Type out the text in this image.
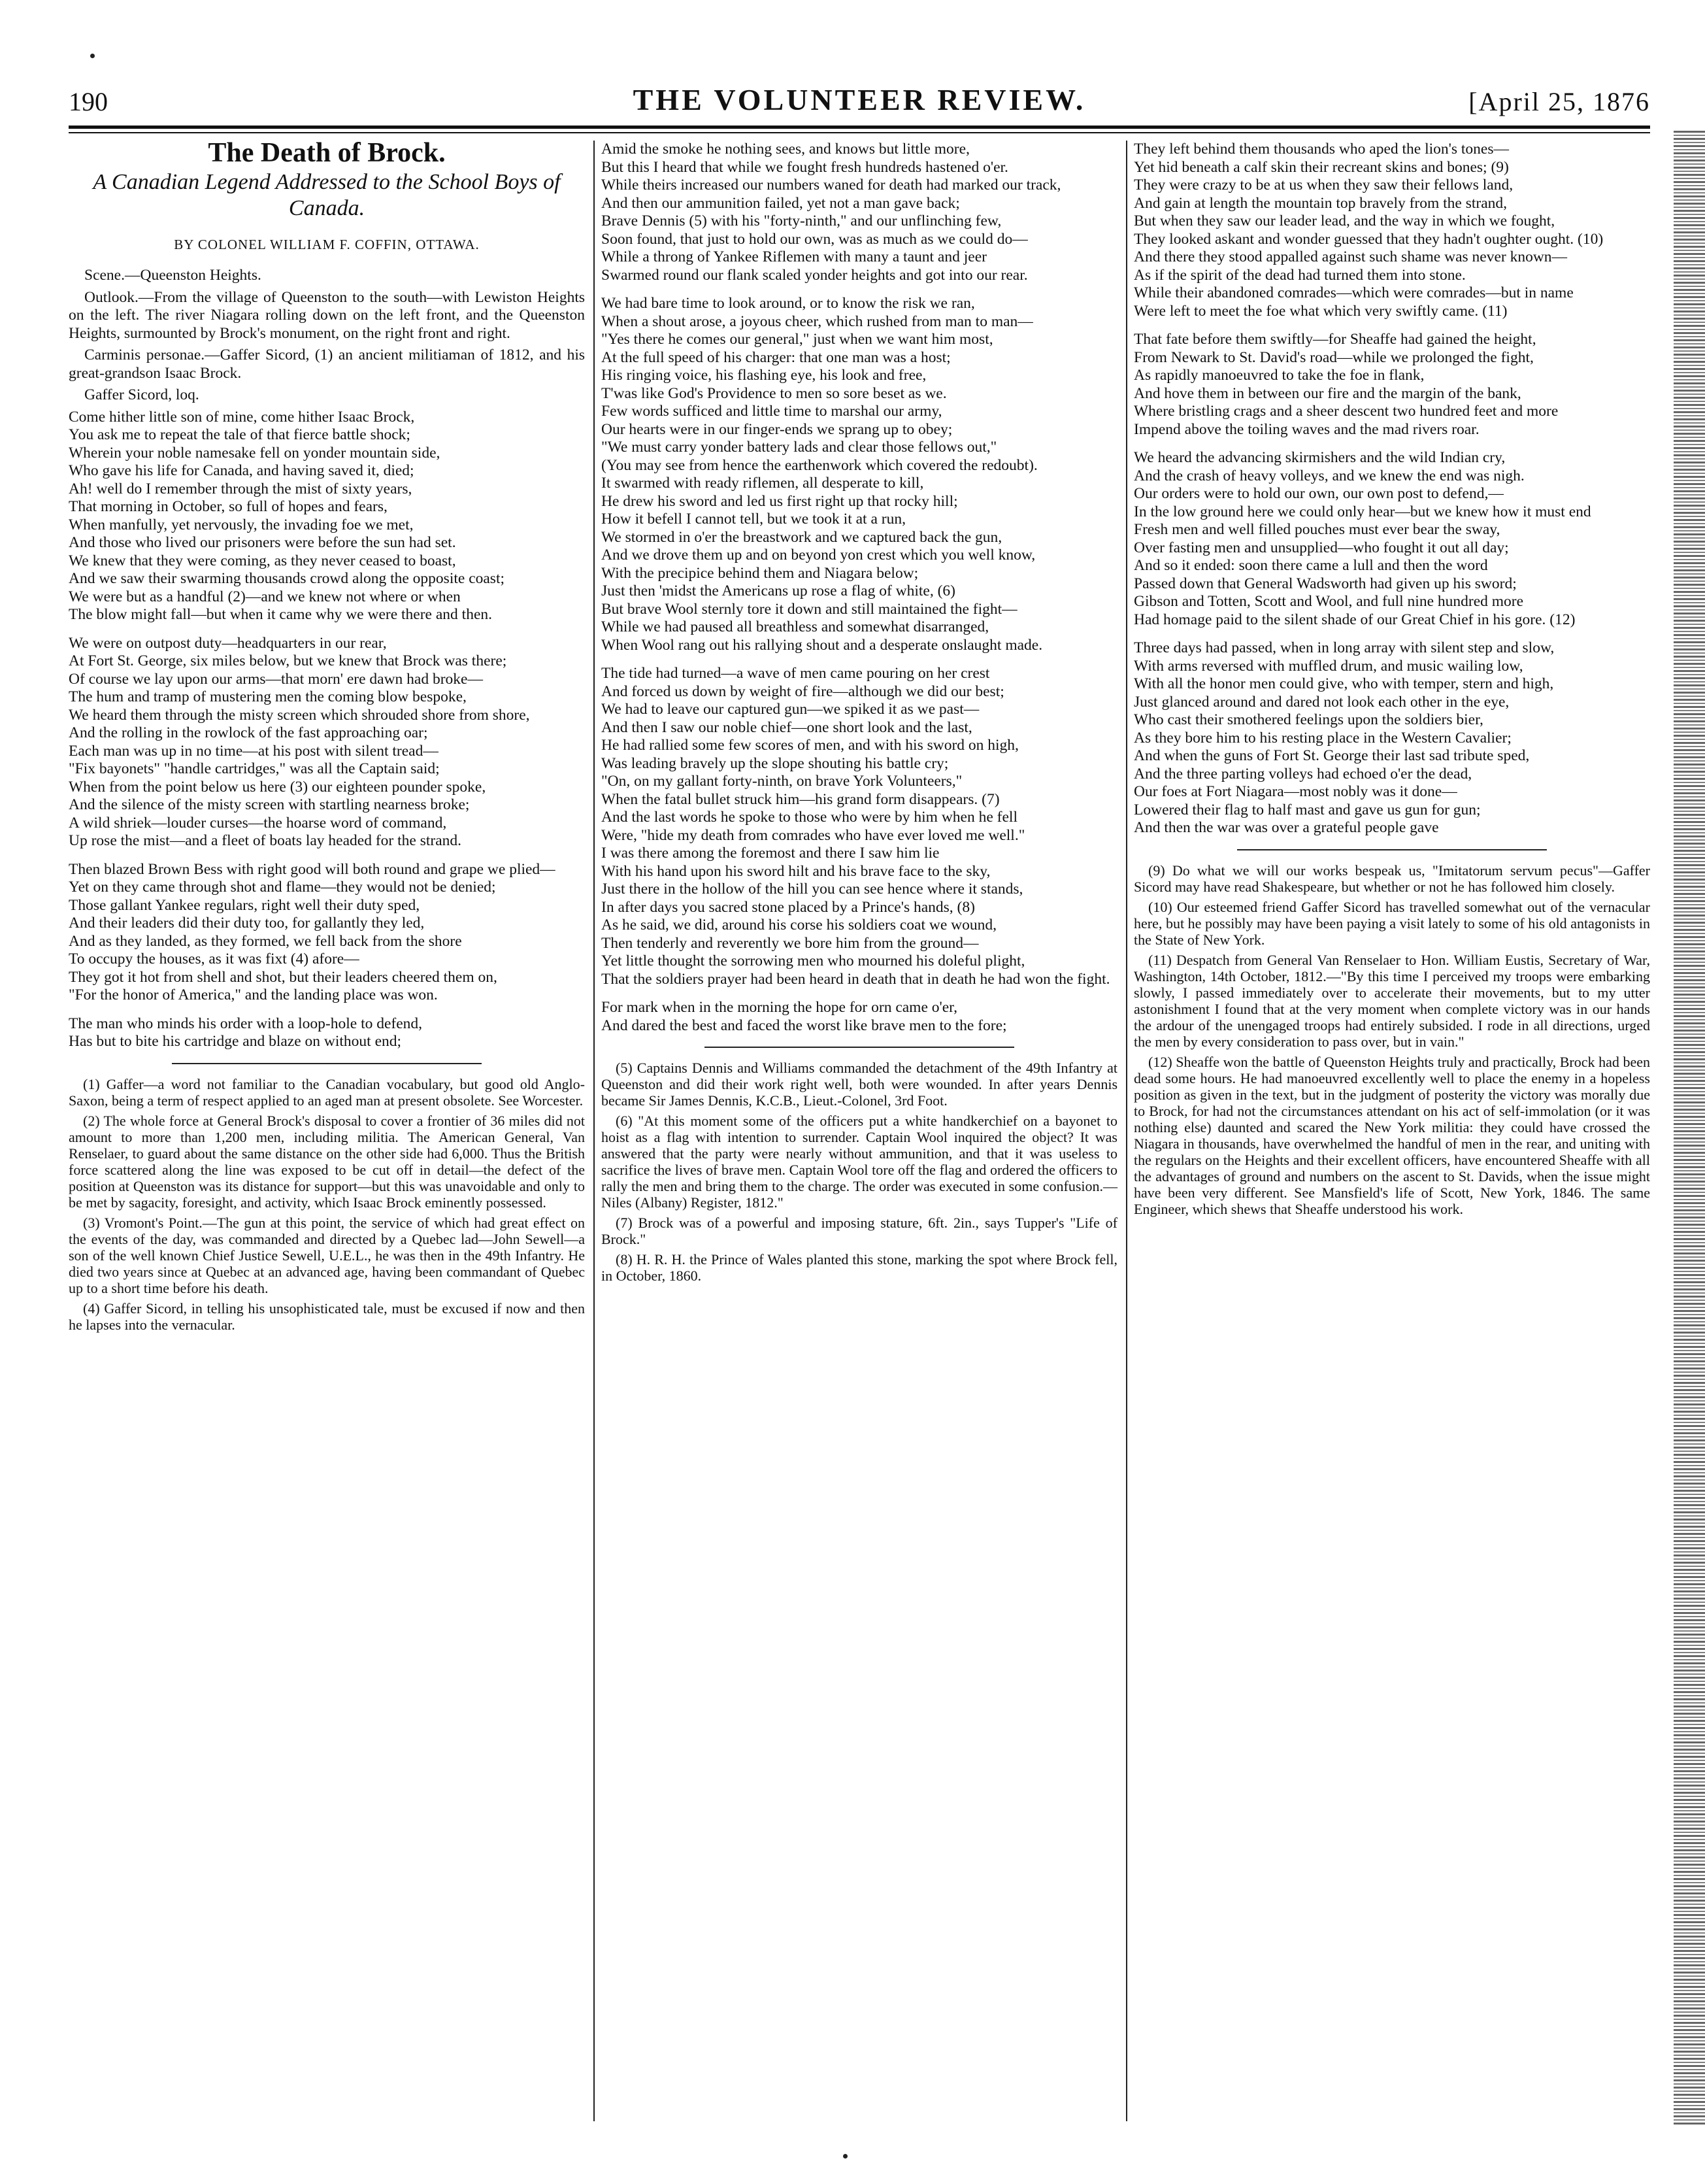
190	THE VOLUNTEER REVIEW.	[April 25, 1876
The Death of Brock.
A Canadian Legend Addressed to the School Boys of Canada.
BY COLONEL WILLIAM F. COFFIN, OTTAWA.

Scene.—Queenston Heights.

Outlook.—From the village of Queenston to the south—with Lewiston Heights on the left. The river Niagara rolling down on the left front, and the Queenston Heights, surmounted by Brock's monument, on the right front and right.

Carminis personae.—Gaffer Sicord, (1) an ancient militiaman of 1812, and his great-grandson Isaac Brock.

Gaffer Sicord, loq.

Come hither little son of mine, come hither Isaac Brock,

You ask me to repeat the tale of that fierce battle shock;

Wherein your noble namesake fell on yonder mountain side,

Who gave his life for Canada, and having saved it, died;

Ah! well do I remember through the mist of sixty years,

That morning in October, so full of hopes and fears,

When manfully, yet nervously, the invading foe we met,

And those who lived our prisoners were before the sun had set.

We knew that they were coming, as they never ceased to boast,

And we saw their swarming thousands crowd along the opposite coast;

We were but as a handful (2)—and we knew not where or when

The blow might fall—but when it came why we were there and then.

We were on outpost duty—headquarters in our rear,

At Fort St. George, six miles below, but we knew that Brock was there;

Of course we lay upon our arms—that morn' ere dawn had broke—

The hum and tramp of mustering men the coming blow bespoke,

We heard them through the misty screen which shrouded shore from shore,

And the rolling in the rowlock of the fast approaching oar;

Each man was up in no time—at his post with silent tread—

"Fix bayonets" "handle cartridges," was all the Captain said;

When from the point below us here (3) our eighteen pounder spoke,

And the silence of the misty screen with startling nearness broke;

A wild shriek—louder curses—the hoarse word of command,

Up rose the mist—and a fleet of boats lay headed for the strand.

Then blazed Brown Bess with right good will both round and grape we plied—

Yet on they came through shot and flame—they would not be denied;

Those gallant Yankee regulars, right well their duty sped,

And their leaders did their duty too, for gallantly they led,

And as they landed, as they formed, we fell back from the shore

To occupy the houses, as it was fixt (4) afore—

They got it hot from shell and shot, but their leaders cheered them on,

"For the honor of America," and the landing place was won.

The man who minds his order with a loop-hole to defend,

Has but to bite his cartridge and blaze on without end;

(1) Gaffer—a word not familiar to the Canadian vocabulary, but good old Anglo-Saxon, being a term of respect applied to an aged man at present obsolete. See Worcester.

(2) The whole force at General Brock's disposal to cover a frontier of 36 miles did not amount to more than 1,200 men, including militia. The American General, Van Renselaer, to guard about the same distance on the other side had 6,000. Thus the British force scattered along the line was exposed to be cut off in detail—the defect of the position at Queenston was its distance for support—but this was unavoidable and only to be met by sagacity, foresight, and activity, which Isaac Brock eminently possessed.

(3) Vromont's Point.—The gun at this point, the service of which had great effect on the events of the day, was commanded and directed by a Quebec lad—John Sewell—a son of the well known Chief Justice Sewell, U.E.L., he was then in the 49th Infantry. He died two years since at Quebec at an advanced age, having been commandant of Quebec up to a short time before his death.

(4) Gaffer Sicord, in telling his unsophisticated tale, must be excused if now and then he lapses into the vernacular.

Amid the smoke he nothing sees, and knows but little more,

But this I heard that while we fought fresh hundreds hastened o'er.

While theirs increased our numbers waned for death had marked our track,

And then our ammunition failed, yet not a man gave back;

Brave Dennis (5) with his "forty-ninth," and our unflinching few,

Soon found, that just to hold our own, was as much as we could do—

While a throng of Yankee Riflemen with many a taunt and jeer

Swarmed round our flank scaled yonder heights and got into our rear.

We had bare time to look around, or to know the risk we ran,

When a shout arose, a joyous cheer, which rushed from man to man—

"Yes there he comes our general," just when we want him most,

At the full speed of his charger: that one man was a host;

His ringing voice, his flashing eye, his look and free,

T'was like God's Providence to men so sore beset as we.

Few words sufficed and little time to marshal our army,

Our hearts were in our finger-ends we sprang up to obey;

"We must carry yonder battery lads and clear those fellows out,"

(You may see from hence the earthenwork which covered the redoubt).

It swarmed with ready riflemen, all desperate to kill,

He drew his sword and led us first right up that rocky hill;

How it befell I cannot tell, but we took it at a run,

We stormed in o'er the breastwork and we captured back the gun,

And we drove them up and on beyond yon crest which you well know,

With the precipice behind them and Niagara below;

Just then 'midst the Americans up rose a flag of white, (6)

But brave Wool sternly tore it down and still maintained the fight—

While we had paused all breathless and somewhat disarranged,

When Wool rang out his rallying shout and a desperate onslaught made.

The tide had turned—a wave of men came pouring on her crest

And forced us down by weight of fire—although we did our best;

We had to leave our captured gun—we spiked it as we past—

And then I saw our noble chief—one short look and the last,

He had rallied some few scores of men, and with his sword on high,

Was leading bravely up the slope shouting his battle cry;

"On, on my gallant forty-ninth, on brave York Volunteers,"

When the fatal bullet struck him—his grand form disappears. (7)

And the last words he spoke to those who were by him when he fell

Were, "hide my death from comrades who have ever loved me well."

I was there among the foremost and there I saw him lie

With his hand upon his sword hilt and his brave face to the sky,

Just there in the hollow of the hill you can see hence where it stands,

In after days you sacred stone placed by a Prince's hands, (8)

As he said, we did, around his corse his soldiers coat we wound,

Then tenderly and reverently we bore him from the ground—

Yet little thought the sorrowing men who mourned his doleful plight,

That the soldiers prayer had been heard in death that in death he had won the fight.

For mark when in the morning the hope for orn came o'er,

And dared the best and faced the worst like brave men to the fore;

(5) Captains Dennis and Williams commanded the detachment of the 49th Infantry at Queenston and did their work right well, both were wounded. In after years Dennis became Sir James Dennis, K.C.B., Lieut.-Colonel, 3rd Foot.

(6) "At this moment some of the officers put a white handkerchief on a bayonet to hoist as a flag with intention to surrender. Captain Wool inquired the object? It was answered that the party were nearly without ammunition, and that it was useless to sacrifice the lives of brave men. Captain Wool tore off the flag and ordered the officers to rally the men and bring them to the charge. The order was executed in some confusion.—Niles (Albany) Register, 1812."

(7) Brock was of a powerful and imposing stature, 6ft. 2in., says Tupper's "Life of Brock."

(8) H. R. H. the Prince of Wales planted this stone, marking the spot where Brock fell, in October, 1860.

They left behind them thousands who aped the lion's tones—

Yet hid beneath a calf skin their recreant skins and bones; (9)

They were crazy to be at us when they saw their fellows land,

And gain at length the mountain top bravely from the strand,

But when they saw our leader lead, and the way in which we fought,

They looked askant and wonder guessed that they hadn't oughter ought. (10)

And there they stood appalled against such shame was never known—

As if the spirit of the dead had turned them into stone.

While their abandoned comrades—which were comrades—but in name

Were left to meet the foe what which very swiftly came. (11)

That fate before them swiftly—for Sheaffe had gained the height,

From Newark to St. David's road—while we prolonged the fight,

As rapidly manoeuvred to take the foe in flank,

And hove them in between our fire and the margin of the bank,

Where bristling crags and a sheer descent two hundred feet and more

Impend above the toiling waves and the mad rivers roar.

We heard the advancing skirmishers and the wild Indian cry,

And the crash of heavy volleys, and we knew the end was nigh.

Our orders were to hold our own, our own post to defend,—

In the low ground here we could only hear—but we knew how it must end

Fresh men and well filled pouches must ever bear the sway,

Over fasting men and unsupplied—who fought it out all day;

And so it ended: soon there came a lull and then the word

Passed down that General Wadsworth had given up his sword;

Gibson and Totten, Scott and Wool, and full nine hundred more

Had homage paid to the silent shade of our Great Chief in his gore. (12)

Three days had passed, when in long array with silent step and slow,

With arms reversed with muffled drum, and music wailing low,

With all the honor men could give, who with temper, stern and high,

Just glanced around and dared not look each other in the eye,

Who cast their smothered feelings upon the soldiers bier,

As they bore him to his resting place in the Western Cavalier;

And when the guns of Fort St. George their last sad tribute sped,

And the three parting volleys had echoed o'er the dead,

Our foes at Fort Niagara—most nobly was it done—

Lowered their flag to half mast and gave us gun for gun;

And then the war was over a grateful people gave

(9) Do what we will our works bespeak us, "Imitatorum servum pecus"—Gaffer Sicord may have read Shakespeare, but whether or not he has followed him closely.

(10) Our esteemed friend Gaffer Sicord has travelled somewhat out of the vernacular here, but he possibly may have been paying a visit lately to some of his old antagonists in the State of New York.

(11) Despatch from General Van Renselaer to Hon. William Eustis, Secretary of War, Washington, 14th October, 1812.—"By this time I perceived my troops were embarking slowly, I passed immediately over to accelerate their movements, but to my utter astonishment I found that at the very moment when complete victory was in our hands the ardour of the unengaged troops had entirely subsided. I rode in all directions, urged the men by every consideration to pass over, but in vain."

(12) Sheaffe won the battle of Queenston Heights truly and practically, Brock had been dead some hours. He had manoeuvred excellently well to place the enemy in a hopeless position as given in the text, but in the judgment of posterity the victory was morally due to Brock, for had not the circumstances attendant on his act of self-immolation (or it was nothing else) daunted and scared the New York militia: they could have crossed the Niagara in thousands, have overwhelmed the handful of men in the rear, and uniting with the regulars on the Heights and their excellent officers, have encountered Sheaffe with all the advantages of ground and numbers on the ascent to St. Davids, when the issue might have been very different. See Mansfield's life of Scott, New York, 1846. The same Engineer, which shews that Sheaffe understood his work.
